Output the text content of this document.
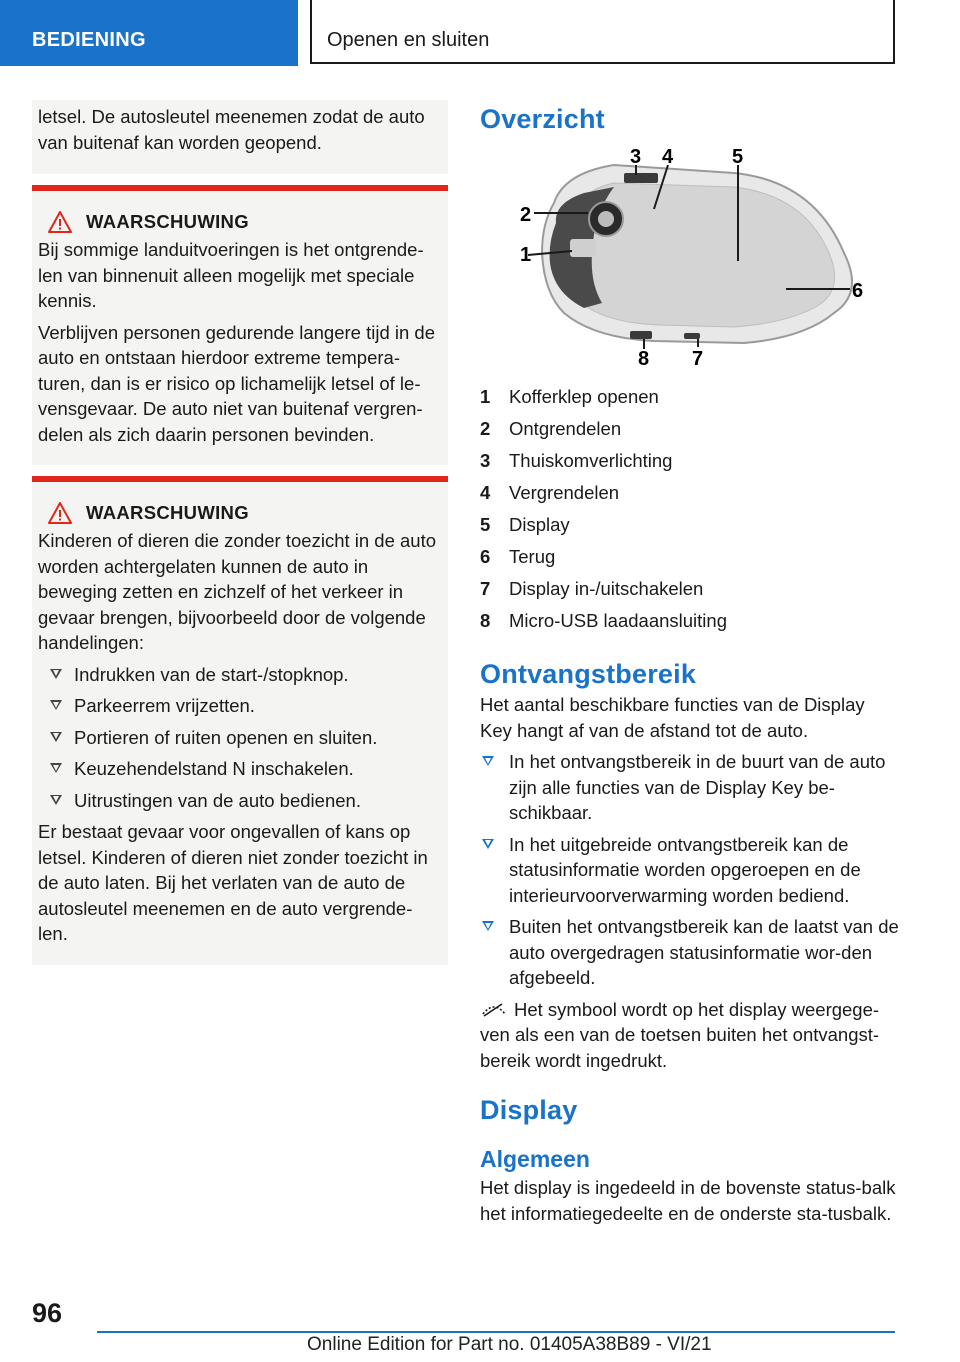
BEDIENING	Openen en sluiten

letsel. De autosleutel meenemen zodat de auto van buitenaf kan worden geopend.

WAARSCHUWING

Bij sommige landuitvoeringen is het ontgrende-len van binnenuit alleen mogelijk met speciale kennis.

Verblijven personen gedurende langere tijd in de auto en ontstaan hierdoor extreme tempera-turen, dan is er risico op lichamelijk letsel of le-vensgevaar. De auto niet van buitenaf vergren-delen als zich daarin personen bevinden.

WAARSCHUWING

Kinderen of dieren die zonder toezicht in de auto worden achtergelaten kunnen de auto in beweging zetten en zichzelf of het verkeer in gevaar brengen, bijvoorbeeld door de volgende handelingen:

Indrukken van de start-/stopknop.
Parkeerrem vrijzetten.
Portieren of ruiten openen en sluiten.
Keuzehendelstand N inschakelen.
Uitrustingen van de auto bedienen.

Er bestaat gevaar voor ongevallen of kans op letsel. Kinderen of dieren niet zonder toezicht in de auto laten. Bij het verlaten van de auto de autosleutel meenemen en de auto vergrende-len.

Overzicht
2
1
3 4	5
6
7
8
1	Kofferklep openen
2	Ontgrendelen
3	Thuiskomverlichting
4	Vergrendelen
5	Display
6	Terug
7	Display in-/uitschakelen
8	Micro-USB laadaansluiting
Ontvangstbereik

Het aantal beschikbare functies van de Display Key hangt af van de afstand tot de auto.

In het ontvangstbereik in de buurt van de auto zijn alle functies van de Display Key be-schikbaar.
In het uitgebreide ontvangstbereik kan de statusinformatie worden opgeroepen en de interieurvoorverwarming worden bediend.
Buiten het ontvangstbereik kan de laatst van de auto overgedragen statusinformatie wor-den afgebeeld.

Het symbool wordt op het display weergege-ven als een van de toetsen buiten het ontvangst-bereik wordt ingedrukt.

Display
Algemeen

Het display is ingedeeld in de bovenste status-balk het informatiegedeelte en de onderste sta-tusbalk.

96
Online Edition for Part no. 01405A38B89 - VI/21
